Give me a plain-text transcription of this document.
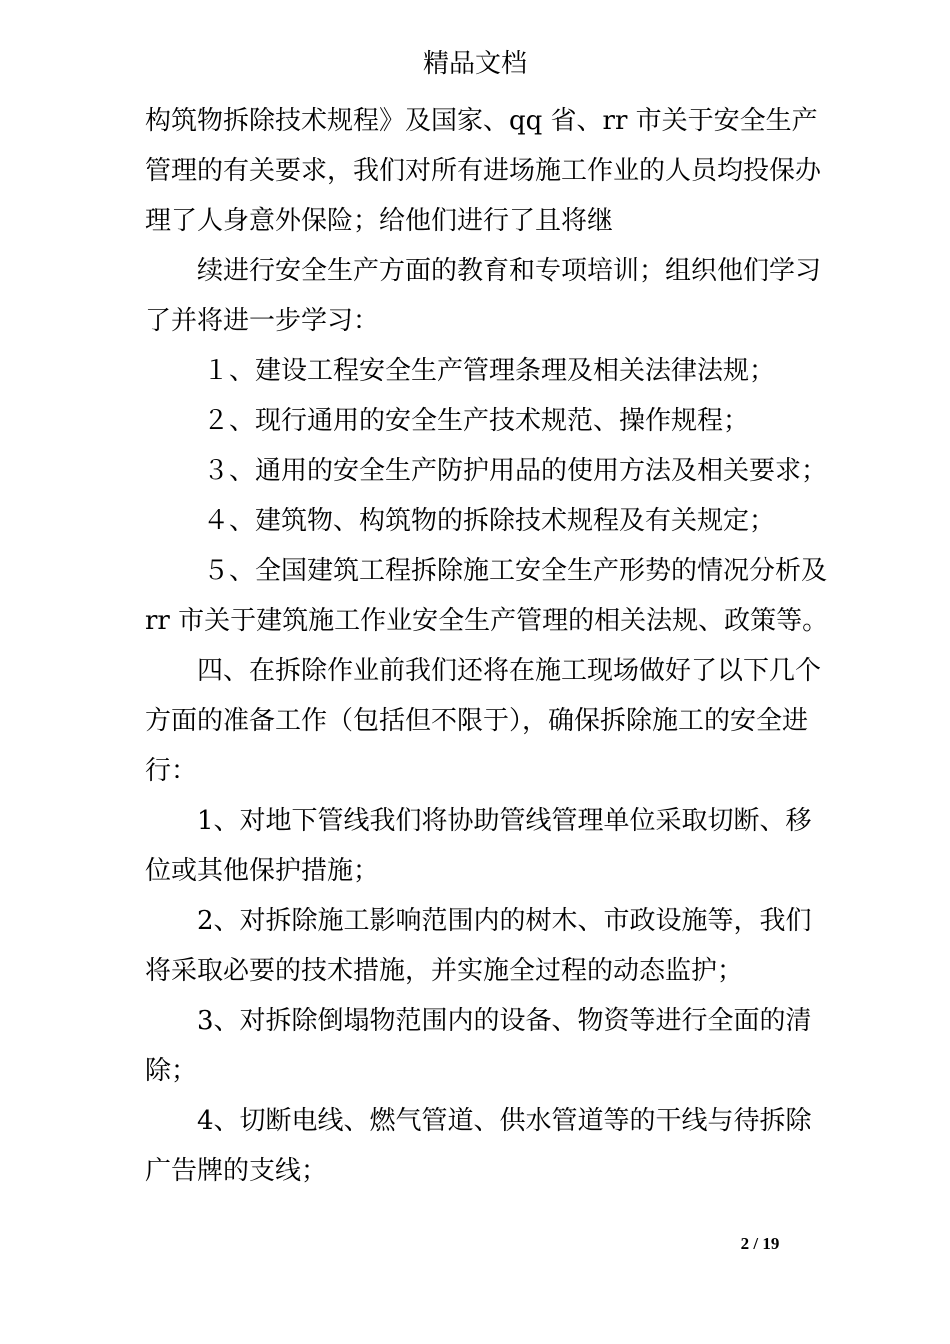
精品文档
构筑物拆除技术规程》及国家、qq 省、rr 市关于安全生产
管理的有关要求，我们对所有进场施工作业的人员均投保办
理了人身意外保险；给他们进行了且将继
续进行安全生产方面的教育和专项培训；组织他们学习
了并将进一步学习：
１、建设工程安全生产管理条理及相关法律法规；
２、现行通用的安全生产技术规范、操作规程；
３、通用的安全生产防护用品的使用方法及相关要求；
４、建筑物、构筑物的拆除技术规程及有关规定；
５、全国建筑工程拆除施工安全生产形势的情况分析及
rr 市关于建筑施工作业安全生产管理的相关法规、政策等。
四、在拆除作业前我们还将在施工现场做好了以下几个
方面的准备工作（包括但不限于），确保拆除施工的安全进
行：
1、对地下管线我们将协助管线管理单位采取切断、移
位或其他保护措施；
2、对拆除施工影响范围内的树木、市政设施等，我们
将采取必要的技术措施，并实施全过程的动态监护；
3、对拆除倒塌物范围内的设备、物资等进行全面的清
除；
4、切断电线、燃气管道、供水管道等的干线与待拆除
广告牌的支线；
2 / 19
